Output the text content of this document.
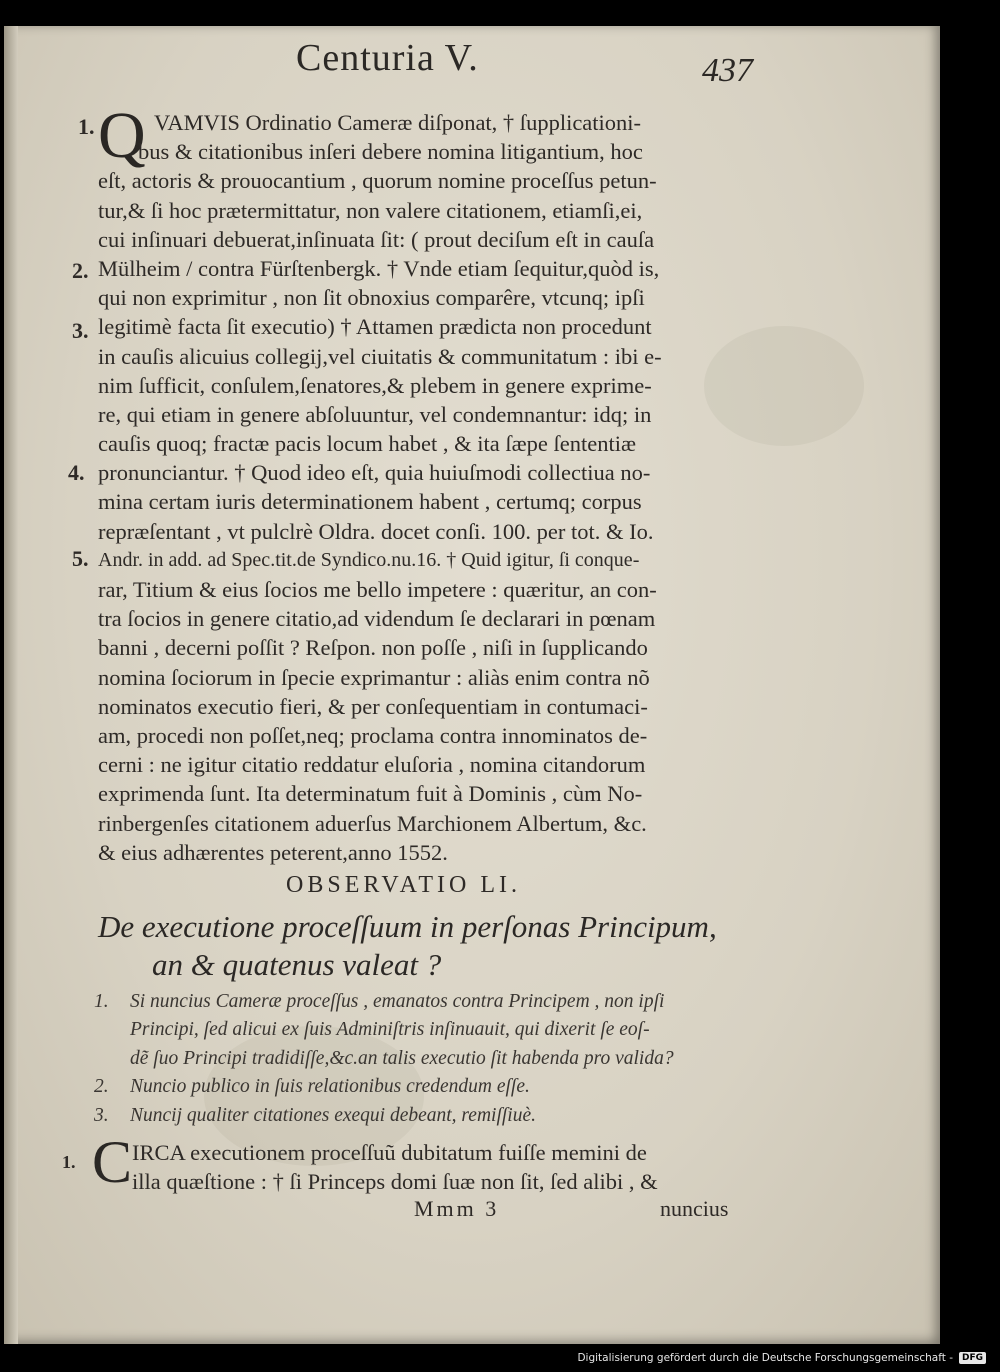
Centuria V.	437
Q
1.
2.
3.
4.
5.
VAMVIS Ordinatio Cameræ diſponat, † ſupplicationi-
bus & citationibus inſeri debere nomina litigantium, hoc
eſt, actoris & prouocantium , quorum nomine proceſſus petun-
tur,& ſi hoc prætermittatur, non valere citationem, etiamſi,ei,
cui inſinuari debuerat,inſinuata ſit: ( prout deciſum eſt in cauſa
Mülheim / contra Fürſtenbergk. † Vnde etiam ſequitur,quòd is,
qui non exprimitur , non ſit obnoxius comparêre, vtcunq; ipſi
legitimè facta ſit executio) † Attamen prædicta non procedunt
in cauſis alicuius collegij,vel ciuitatis & communitatum : ibi e-
nim ſufficit, conſulem,ſenatores,& plebem in genere exprime-
re, qui etiam in genere abſoluuntur, vel condemnantur: idq; in
cauſis quoq; fractæ pacis locum habet , & ita ſæpe ſententiæ
pronunciantur. † Quod ideo eſt, quia huiuſmodi collectiua no-
mina certam iuris determinationem habent , certumq; corpus
repræſentant , vt pulclrè Oldra. docet conſi. 100. per tot. & Io.
Andr. in add. ad Spec.tit.de Syndico.nu.16. † Quid igitur, ſi conque-
rar, Titium & eius ſocios me bello impetere : quæritur, an con-
tra ſocios in genere citatio,ad videndum ſe declarari in pœnam
banni , decerni poſſit ? Reſpon. non poſſe , niſi in ſupplicando
nomina ſociorum in ſpecie exprimantur : aliàs enim contra nõ
nominatos executio fieri, & per conſequentiam in contumaci-
am, procedi non poſſet,neq; proclama contra innominatos de-
cerni : ne igitur citatio reddatur eluſoria , nomina citandorum
exprimenda ſunt. Ita determinatum fuit à Dominis , cùm No-
rinbergenſes citationem aduerſus Marchionem Albertum, &c.
& eius adhærentes peterent,anno 1552.
OBSERVATIO LI.
De executione proceſſuum in perſonas Principum,
an & quatenus valeat ?
1.	Si nuncius Cameræ proceſſus , emanatos contra Principem , non ipſi
Principi, ſed alicui ex ſuis Adminiſtris inſinuauit, qui dixerit ſe eoſ-
dẽ ſuo Principi tradidiſſe,&c.an talis executio ſit habenda pro valida?
2.	Nuncio publico in ſuis relationibus credendum eſſe.
3.	Nuncij qualiter citationes exequi debeant, remiſſiuè.
1. C IRCA executionem proceſſuũ dubitatum fuiſſe memini de
illa quæſtione : † ſi Princeps domi ſuæ non ſit, ſed alibi , &
Mmm 3	nuncius
Digitalisierung gefördert durch die Deutsche Forschungsgemeinschaft -	DFG
